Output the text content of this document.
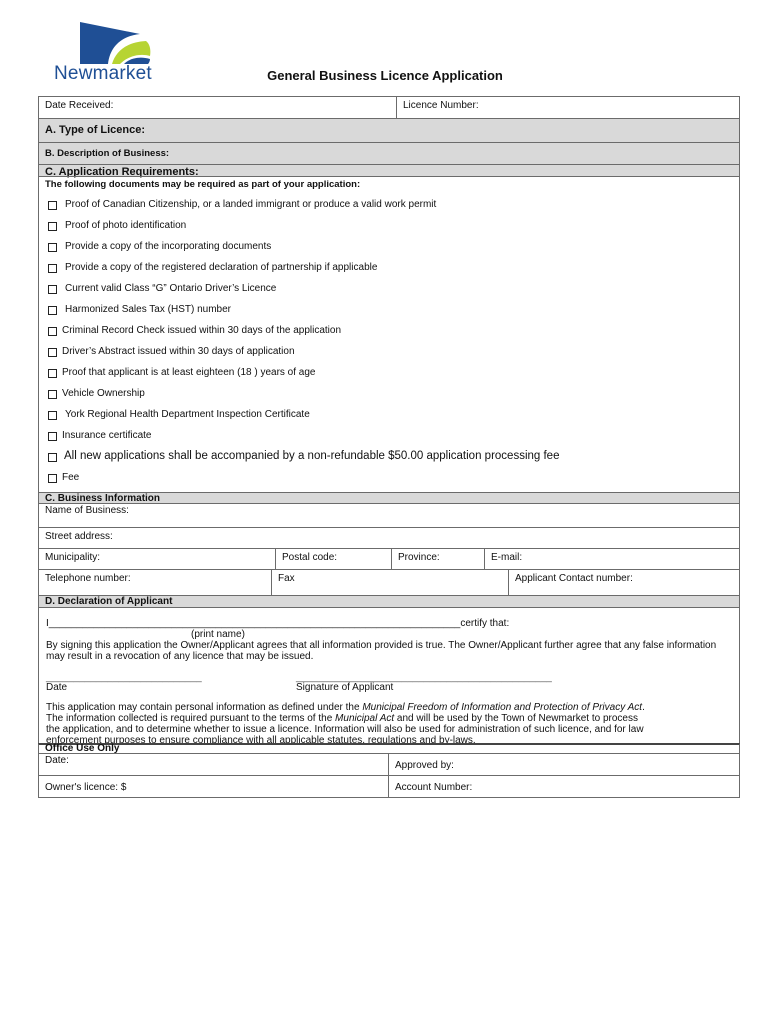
Newmarket	General Business Licence Application
Date Received:	Licence Number:
A. Type of Licence:
B. Description of Business:
C. Application Requirements:
The following documents may be required as part of your application:
Proof of Canadian Citizenship, or a landed immigrant or produce a valid work permit
Proof of photo identification
Provide a copy of the incorporating documents
Provide a copy of the registered declaration of partnership if applicable
Current valid Class “G” Ontario Driver’s Licence
Harmonized Sales Tax (HST) number
Criminal Record Check issued within 30 days of the application
Driver’s Abstract issued within 30 days of application
Proof that applicant is at least eighteen (18 ) years of age
Vehicle Ownership
York Regional Health Department Inspection Certificate
Insurance certificate
All new applications shall be accompanied by a non-refundable $50.00 application processing fee
Fee
C. Business Information
Name of Business:
Street address:
Municipality:	Postal code:	Province:	E-mail:
Telephone number:	Fax	Applicant Contact number:
D. Declaration of Applicant
I__________________________________________________________________________certify that:
(print name)
By signing this application the Owner/Applicant agrees that all information provided is true. The Owner/Applicant further agree that any false information may result in a revocation of any licence that may be issued.
____________________________	______________________________________________
Date	Signature of Applicant
This application may contain personal information as defined under the Municipal Freedom of Information and Protection of Privacy Act.
The information collected is required pursuant to the terms of the Municipal Act and will be used by the Town of Newmarket to process
the application, and to determine whether to issue a licence. Information will also be used for administration of such licence, and for law
enforcement purposes to ensure compliance with all applicable statutes, regulations and by-laws.
Office Use Only
Date:	Approved by:
Owner's licence: $	Account Number:
